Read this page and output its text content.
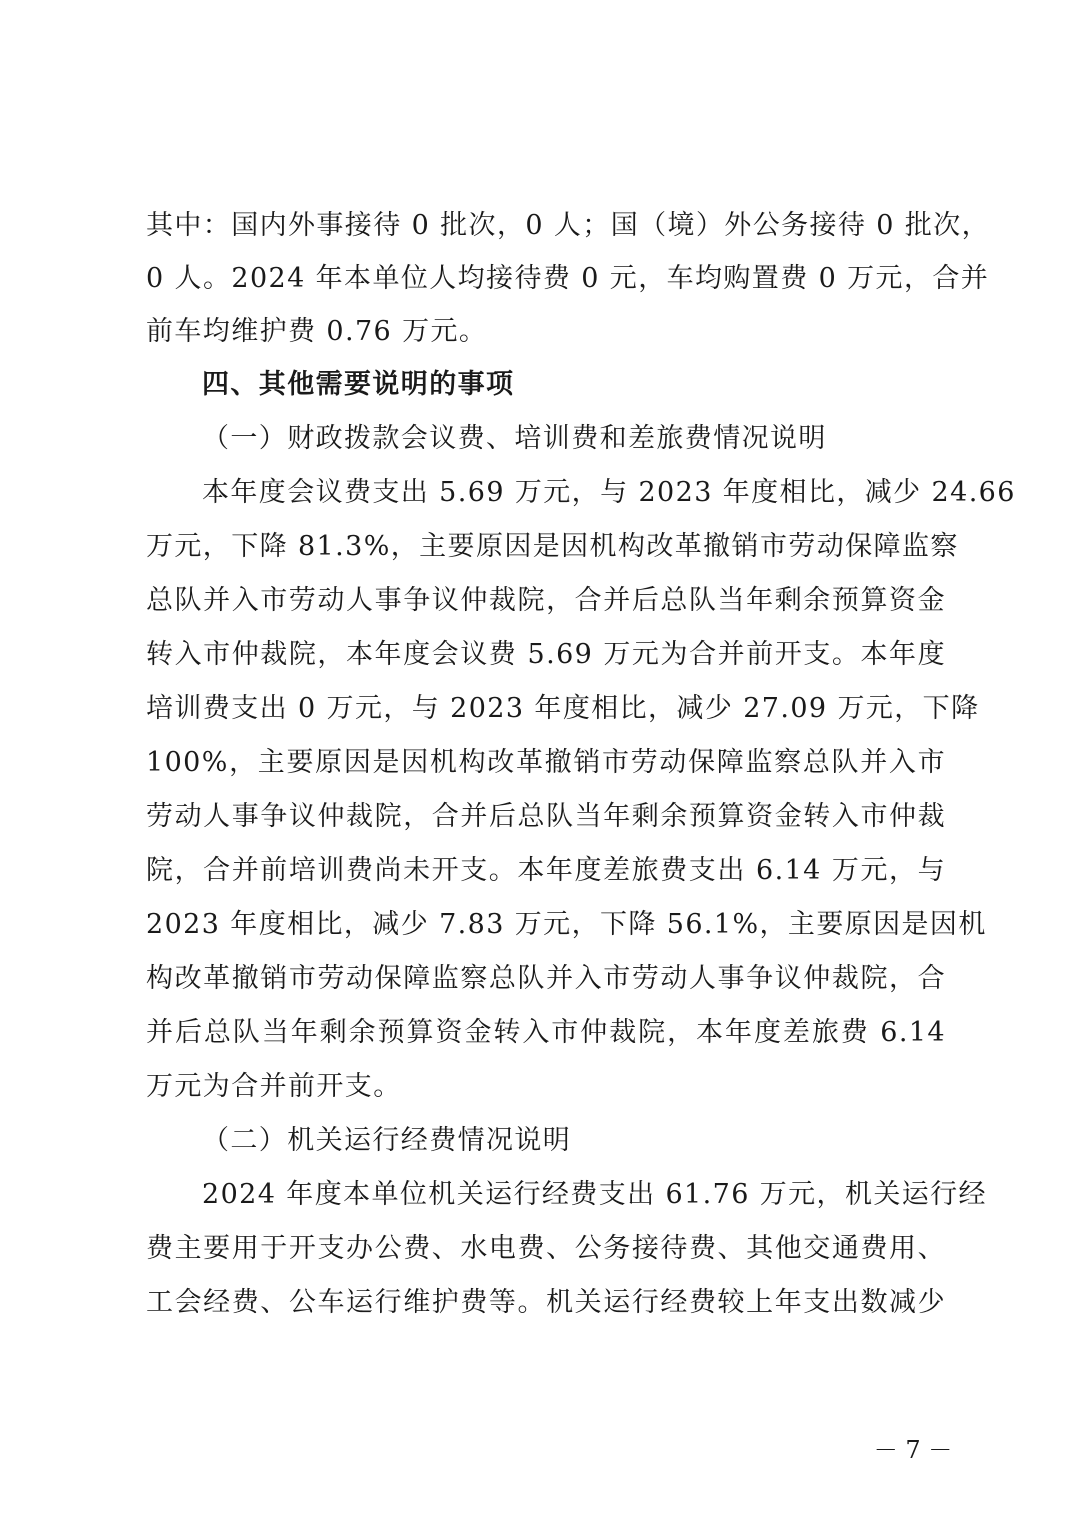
其中：国内外事接待 0 批次，0 人；国（境）外公务接待 0 批次，
0 人。2024 年本单位人均接待费 0 元，车均购置费 0 万元，合并
前车均维护费 0.76 万元。
四、其他需要说明的事项
（一）财政拨款会议费、培训费和差旅费情况说明
本年度会议费支出 5.69 万元，与 2023 年度相比，减少 24.66
万元，下降 81.3%，主要原因是因机构改革撤销市劳动保障监察
总队并入市劳动人事争议仲裁院，合并后总队当年剩余预算资金
转入市仲裁院，本年度会议费 5.69 万元为合并前开支。本年度
培训费支出 0 万元，与 2023 年度相比，减少 27.09 万元，下降
100%，主要原因是因机构改革撤销市劳动保障监察总队并入市
劳动人事争议仲裁院，合并后总队当年剩余预算资金转入市仲裁
院，合并前培训费尚未开支。本年度差旅费支出 6.14 万元，与
2023 年度相比，减少 7.83 万元，下降 56.1%，主要原因是因机
构改革撤销市劳动保障监察总队并入市劳动人事争议仲裁院，合
并后总队当年剩余预算资金转入市仲裁院，本年度差旅费 6.14
万元为合并前开支。
（二）机关运行经费情况说明
2024 年度本单位机关运行经费支出 61.76 万元，机关运行经
费主要用于开支办公费、水电费、公务接待费、其他交通费用、
工会经费、公车运行维护费等。机关运行经费较上年支出数减少
－ 7 －
